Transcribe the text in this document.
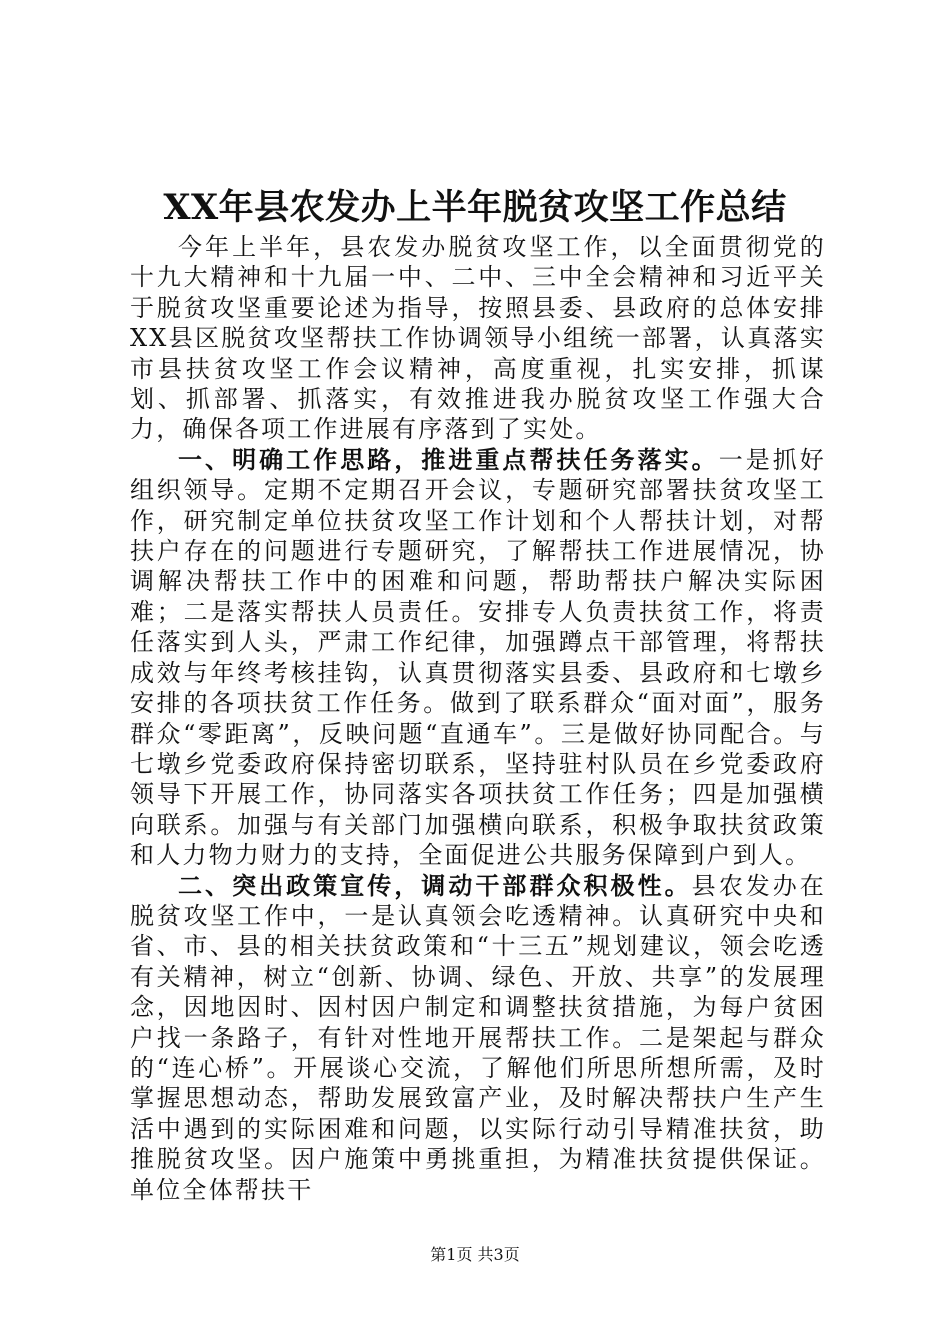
XX年县农发办上半年脱贫攻坚工作总结

今年上半年，县农发办脱贫攻坚工作，以全面贯彻党的十九大精神和十九届一中、二中、三中全会精神和习近平关于脱贫攻坚重要论述为指导，按照县委、县政府的总体安排XX县区脱贫攻坚帮扶工作协调领导小组统一部署，认真落实市县扶贫攻坚工作会议精神，高度重视，扎实安排，抓谋划、抓部署、抓落实，有效推进我办脱贫攻坚工作强大合力，确保各项工作进展有序落到了实处。

一、明确工作思路，推进重点帮扶任务落实。一是抓好组织领导。定期不定期召开会议，专题研究部署扶贫攻坚工作，研究制定单位扶贫攻坚工作计划和个人帮扶计划，对帮扶户存在的问题进行专题研究，了解帮扶工作进展情况，协调解决帮扶工作中的困难和问题，帮助帮扶户解决实际困难；二是落实帮扶人员责任。安排专人负责扶贫工作，将责任落实到人头，严肃工作纪律，加强蹲点干部管理，将帮扶成效与年终考核挂钩，认真贯彻落实县委、县政府和七墩乡安排的各项扶贫工作任务。做到了联系群众“面对面”，服务群众“零距离”，反映问题“直通车”。三是做好协同配合。与七墩乡党委政府保持密切联系，坚持驻村队员在乡党委政府领导下开展工作，协同落实各项扶贫工作任务；四是加强横向联系。加强与有关部门加强横向联系，积极争取扶贫政策和人力物力财力的支持，全面促进公共服务保障到户到人。

二、突出政策宣传，调动干部群众积极性。县农发办在脱贫攻坚工作中，一是认真领会吃透精神。认真研究中央和省、市、县的相关扶贫政策和“十三五”规划建议，领会吃透有关精神，树立“创新、协调、绿色、开放、共享”的发展理念，因地因时、因村因户制定和调整扶贫措施，为每户贫困户找一条路子，有针对性地开展帮扶工作。二是架起与群众的“连心桥”。开展谈心交流，了解他们所思所想所需，及时掌握思想动态，帮助发展致富产业，及时解决帮扶户生产生活中遇到的实际困难和问题，以实际行动引导精准扶贫，助推脱贫攻坚。因户施策中勇挑重担，为精准扶贫提供保证。单位全体帮扶干

第1页 共3页
